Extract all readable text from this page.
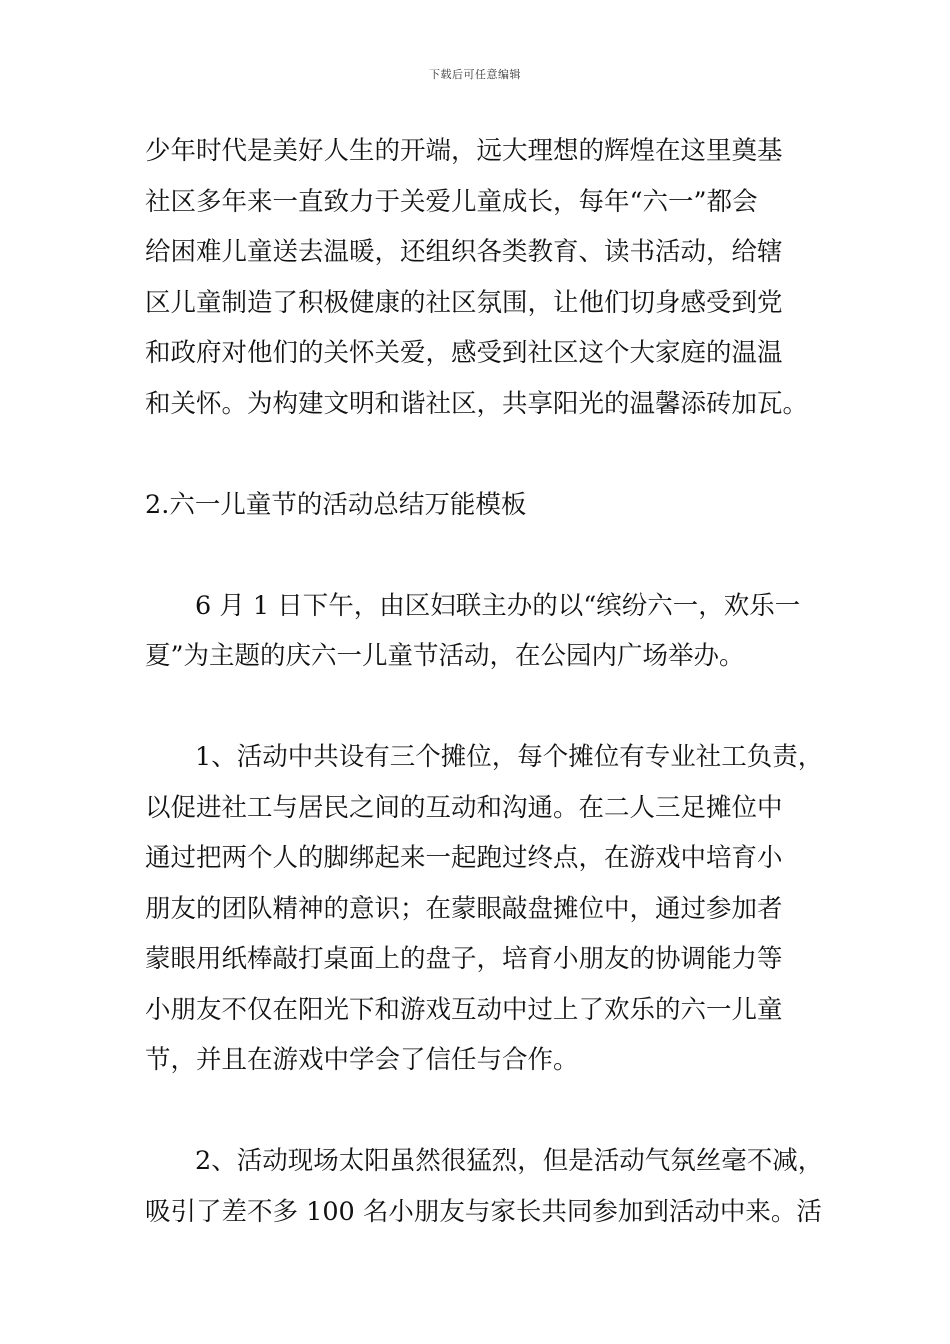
下载后可任意编辑
少年时代是美好人生的开端，远大理想的辉煌在这里奠基
社区多年来一直致力于关爱儿童成长，每年“六一”都会
给困难儿童送去温暖，还组织各类教育、读书活动，给辖
区儿童制造了积极健康的社区氛围，让他们切身感受到党
和政府对他们的关怀关爱，感受到社区这个大家庭的温温
和关怀。为构建文明和谐社区，共享阳光的温馨添砖加瓦。
2.六一儿童节的活动总结万能模板
6 月 1 日下午，由区妇联主办的以“缤纷六一，欢乐一
夏”为主题的庆六一儿童节活动，在公园内广场举办。
1、活动中共设有三个摊位，每个摊位有专业社工负责，
以促进社工与居民之间的互动和沟通。在二人三足摊位中
通过把两个人的脚绑起来一起跑过终点，在游戏中培育小
朋友的团队精神的意识；在蒙眼敲盘摊位中，通过参加者
蒙眼用纸棒敲打桌面上的盘子，培育小朋友的协调能力等
小朋友不仅在阳光下和游戏互动中过上了欢乐的六一儿童
节，并且在游戏中学会了信任与合作。
2、活动现场太阳虽然很猛烈，但是活动气氛丝毫不减，
吸引了差不多 100 名小朋友与家长共同参加到活动中来。活
